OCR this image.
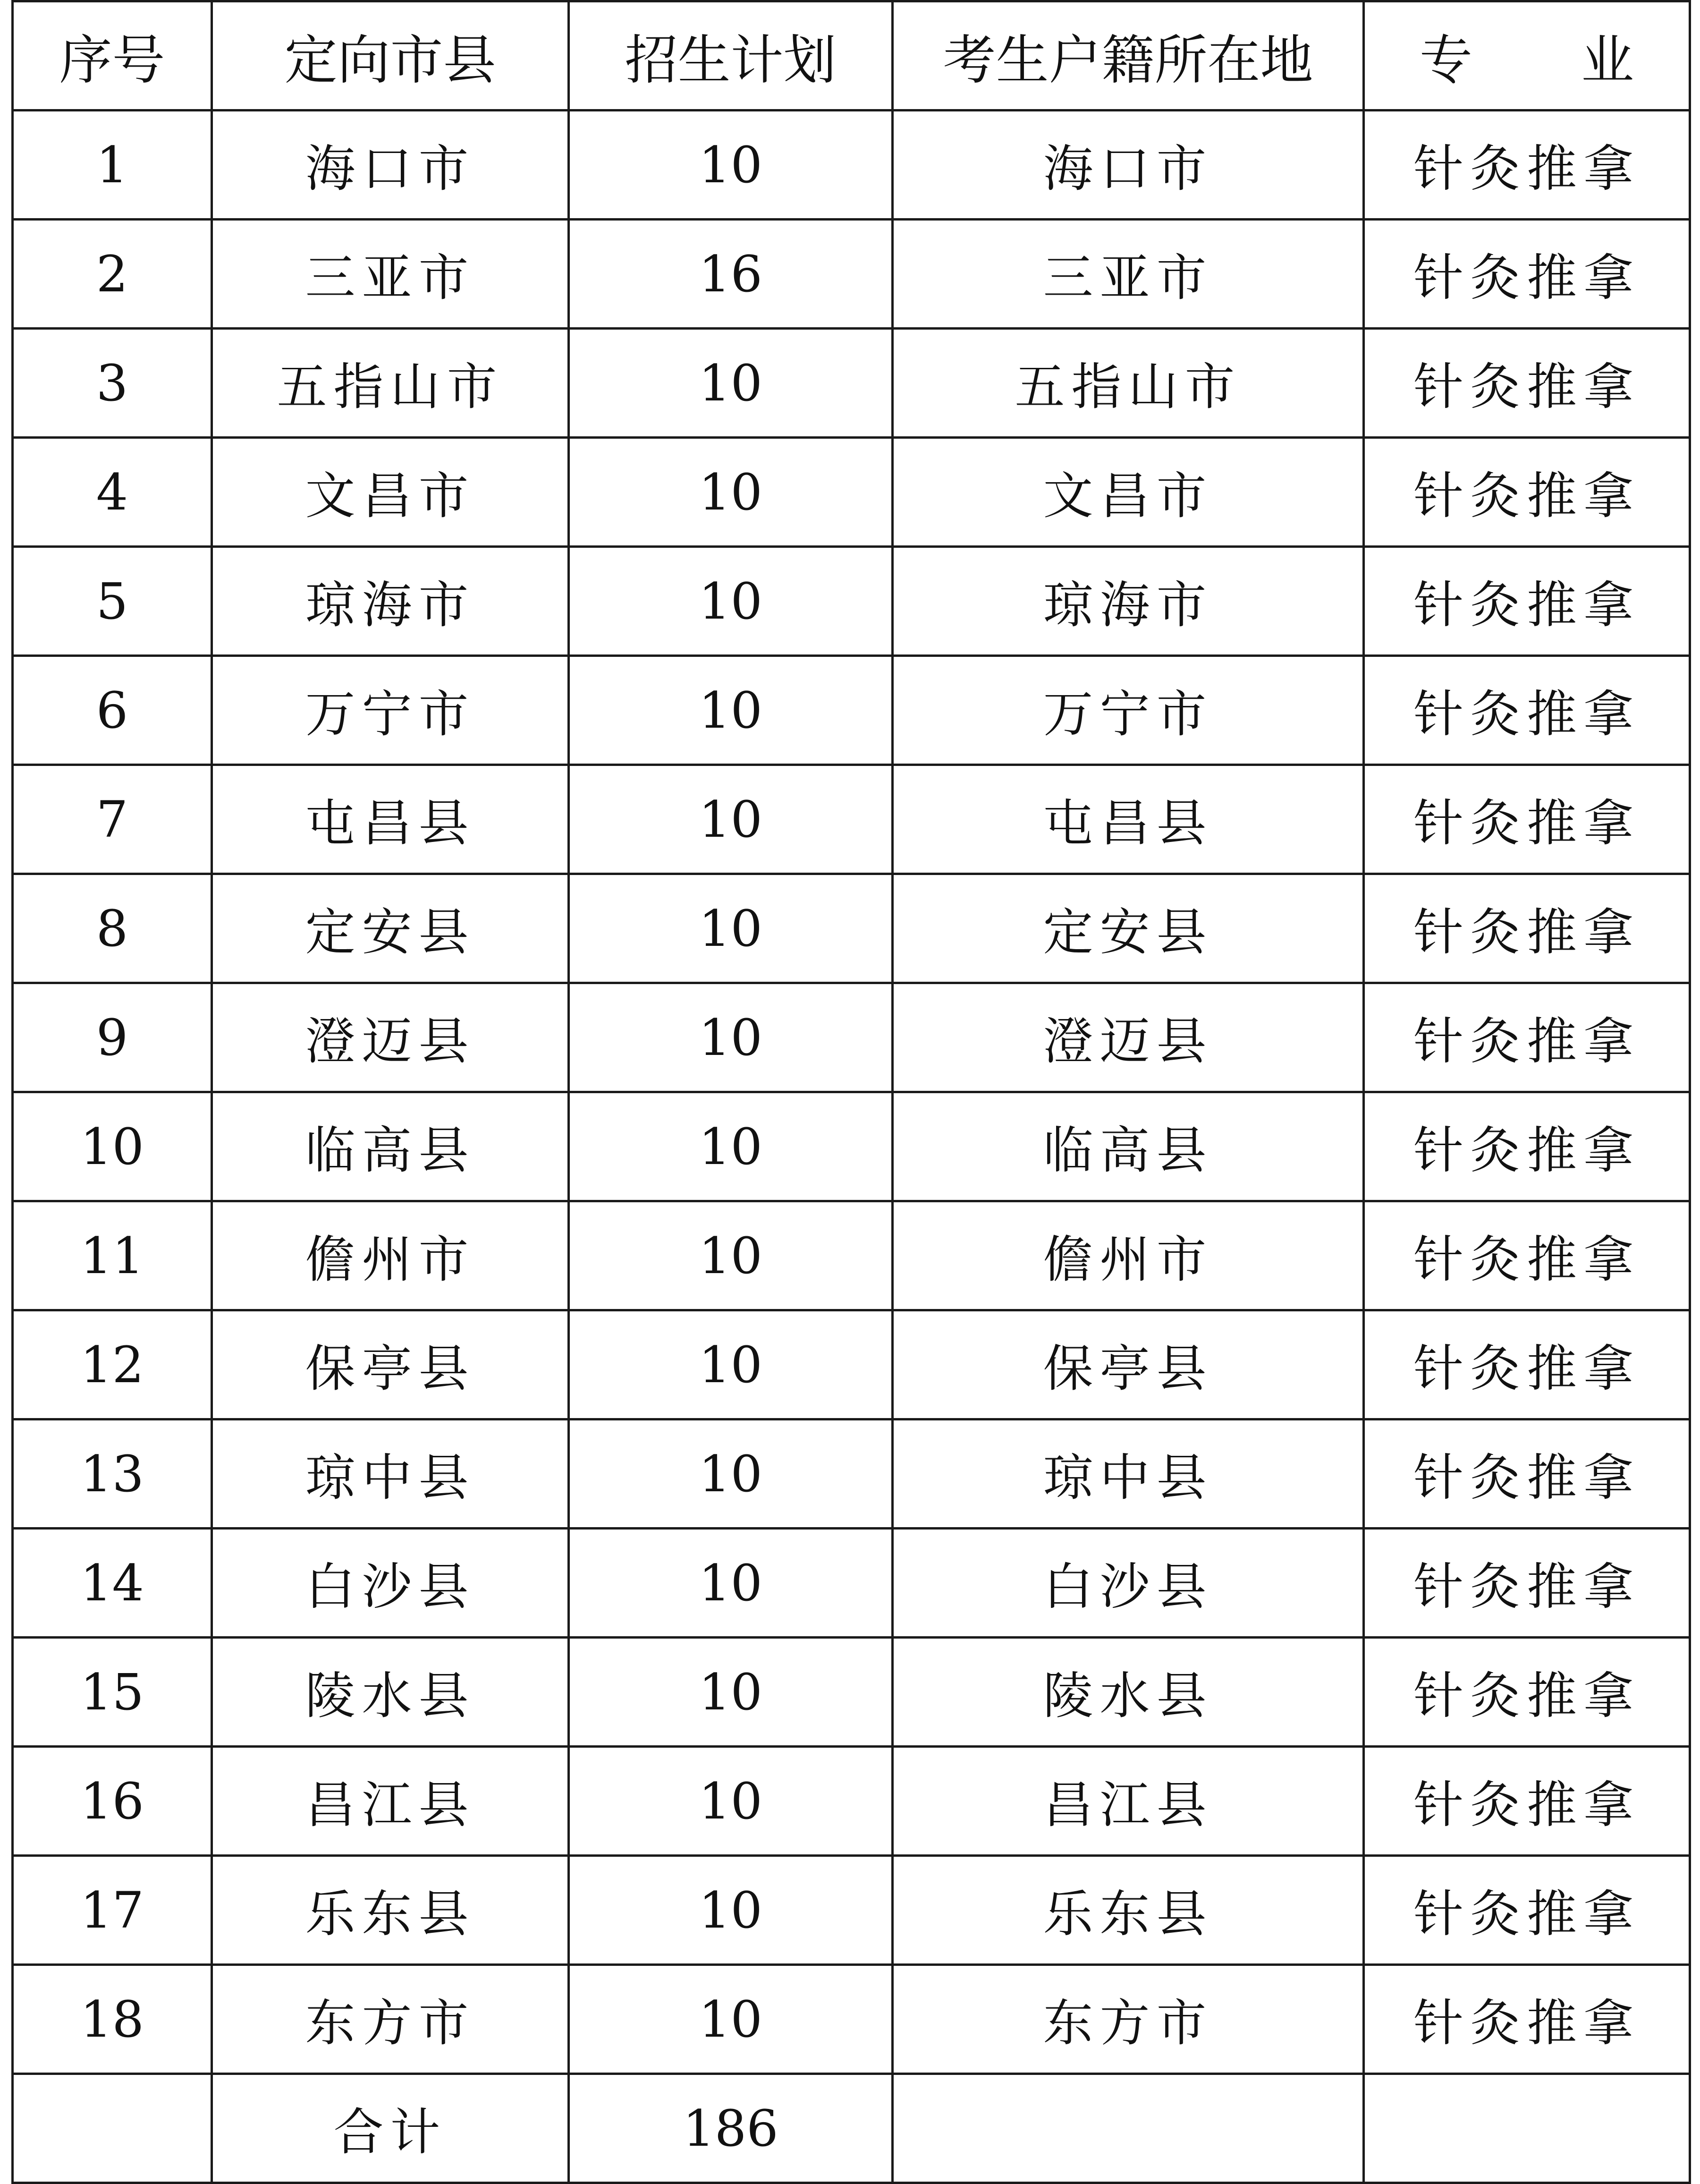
序号	定向市县	招生计划	考生户籍所在地	专 业
1	海口市	10	海口市	针灸推拿
2	三亚市	16	三亚市	针灸推拿
3	五指山市	10	五指山市	针灸推拿
4	文昌市	10	文昌市	针灸推拿
5	琼海市	10	琼海市	针灸推拿
6	万宁市	10	万宁市	针灸推拿
7	屯昌县	10	屯昌县	针灸推拿
8	定安县	10	定安县	针灸推拿
9	澄迈县	10	澄迈县	针灸推拿
10	临高县	10	临高县	针灸推拿
11	儋州市	10	儋州市	针灸推拿
12	保亭县	10	保亭县	针灸推拿
13	琼中县	10	琼中县	针灸推拿
14	白沙县	10	白沙县	针灸推拿
15	陵水县	10	陵水县	针灸推拿
16	昌江县	10	昌江县	针灸推拿
17	乐东县	10	乐东县	针灸推拿
18	东方市	10	东方市	针灸推拿
	合计	186		
